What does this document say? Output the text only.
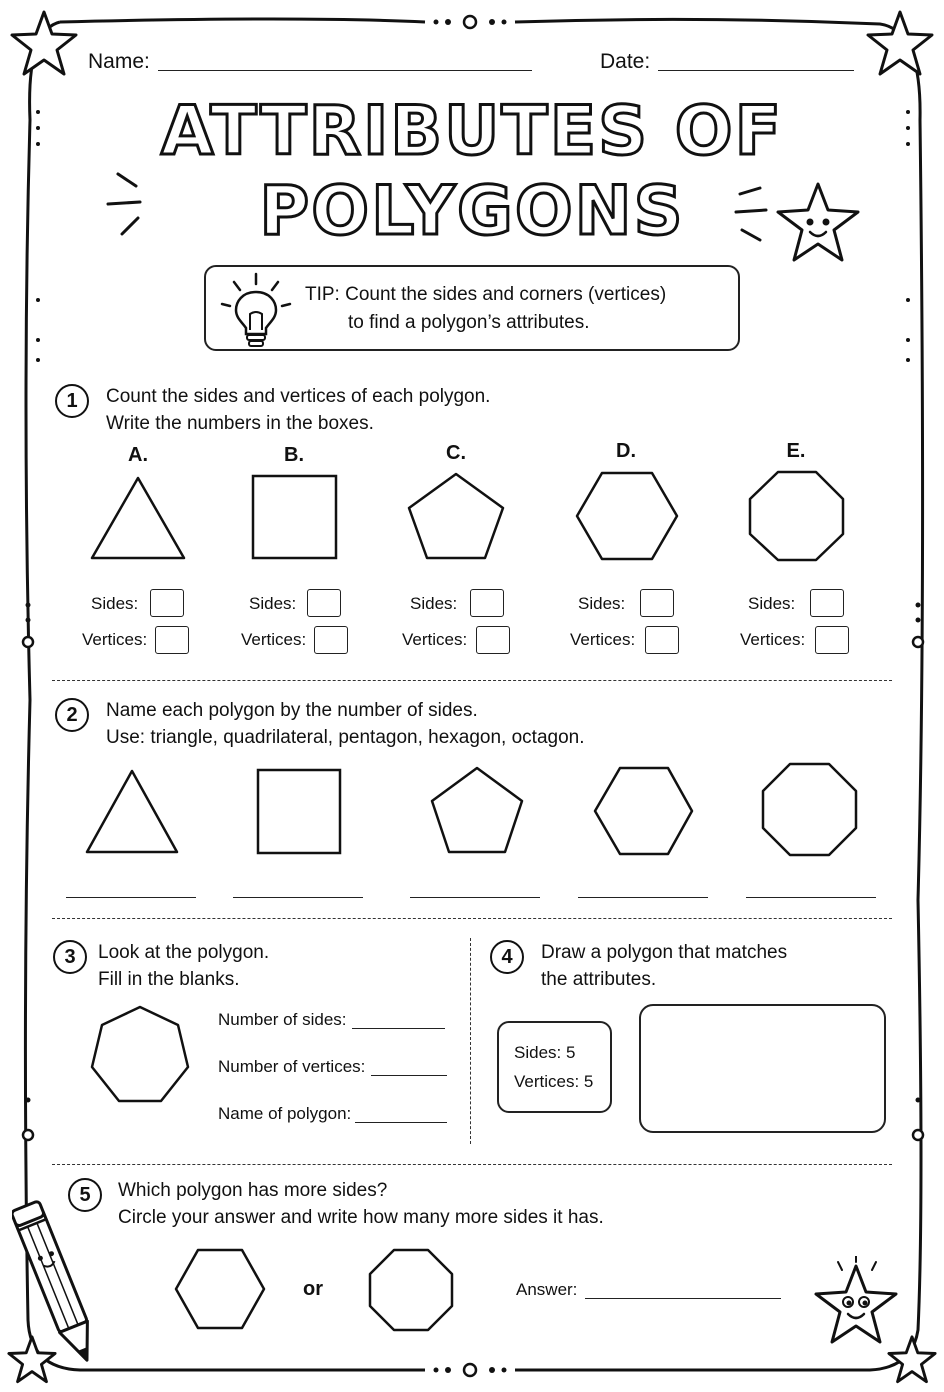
Name:	Date:
ATTRIBUTES OF
POLYGONS
TIP: Count the sides and corners (vertices)
to find a polygon’s attributes.
1	Count the sides and vertices of each polygon.
Write the numbers in the boxes.
A.	B.	C.	D.	E.
Sides:
Vertices:
Sides:
Vertices:
Sides:
Vertices:
Sides:
Vertices:
Sides:
Vertices:
2	Name each polygon by the number of sides.
Use: triangle, quadrilateral, pentagon, hexagon, octagon.
3	Look at the polygon.
Fill in the blanks.
Number of sides:
Number of vertices:
Name of polygon:
4	Draw a polygon that matches
the attributes.
Sides: 5
Vertices: 5
5	Which polygon has more sides?
Circle your answer and write how many more sides it has.
or	Answer:
